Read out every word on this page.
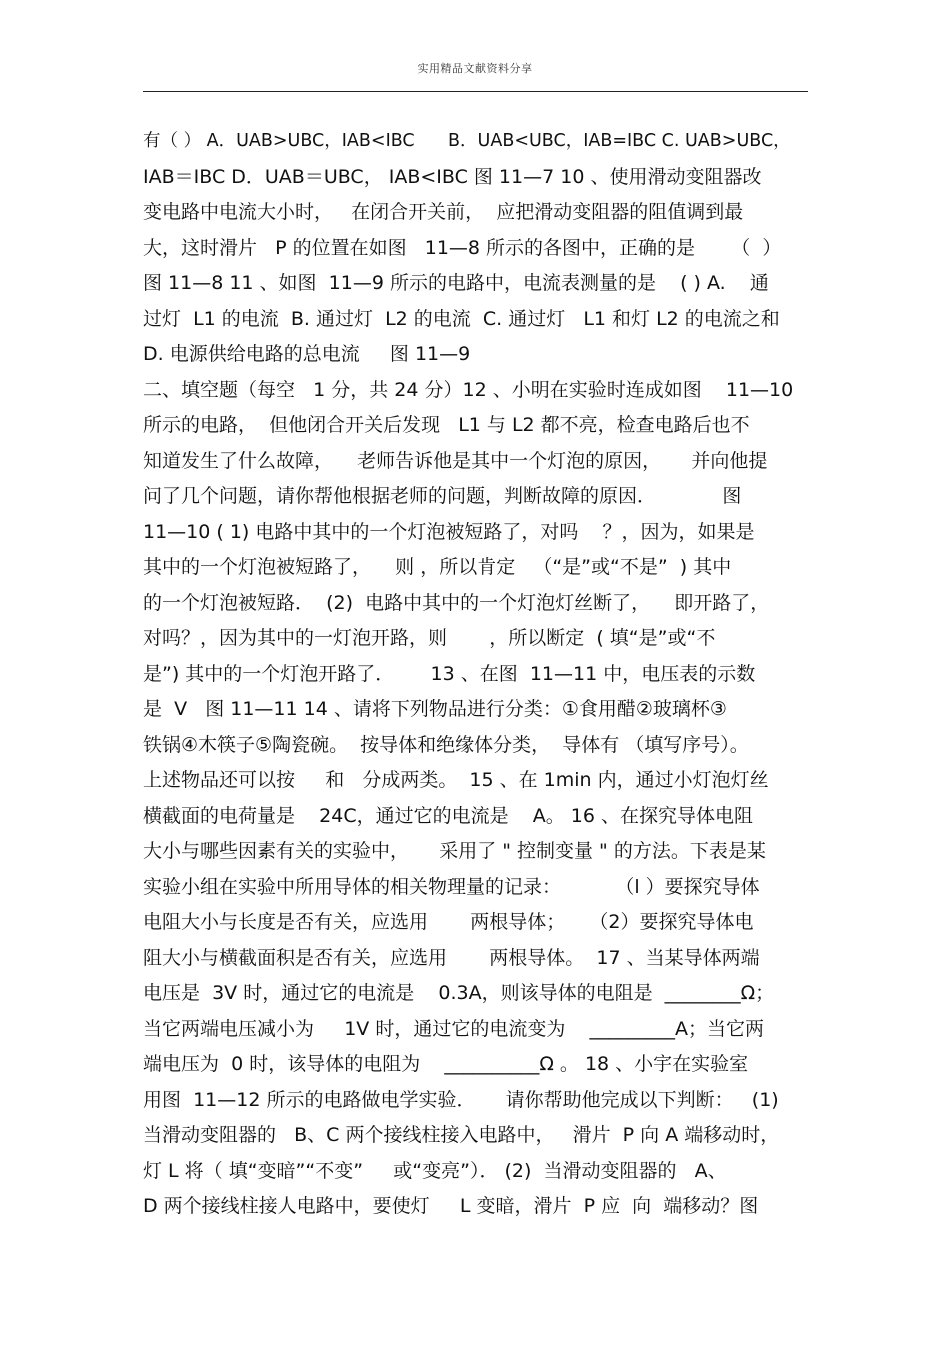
实用精品文献资料分享
有（ ） A．UAB>UBC，IAB<IBC      B．UAB<UBC，IAB=IBC C. UAB>UBC，
IAB＝IBC D．UAB＝UBC， IAB<IBC 图 11—7 10 、使用滑动变阻器改
变电路中电流大小时，   在闭合开关前，  应把滑动变阻器的阻值调到最
大，这时滑片   P 的位置在如图   11—8 所示的各图中，正确的是      （  ）
图 11—8 11 、如图  11—9 所示的电路中，电流表测量的是    ( ) A.    通
过灯  L1 的电流  B. 通过灯  L2 的电流  C. 通过灯   L1 和灯 L2 的电流之和
D. 电源供给电路的总电流     图 11—9
二、填空题（每空   1 分，共 24 分）12 、小明在实验时连成如图    11—10
所示的电路，  但他闭合开关后发现   L1 与 L2 都不亮，检查电路后也不
知道发生了什么故障，    老师告诉他是其中一个灯泡的原因，     并向他提
问了几个问题，请你帮他根据老师的问题，判断故障的原因．           图
11—10 ( 1) 电路中其中的一个灯泡被短路了，对吗    ？，因为，如果是
其中的一个灯泡被短路了，    则 ，所以肯定   （“是”或“不是”  ) 其中
的一个灯泡被短路．  (2)  电路中其中的一个灯泡灯丝断了，    即开路了，
对吗？，因为其中的一灯泡开路，则       ，所以断定  ( 填“是”或“不
是”) 其中的一个灯泡开路了．      13 、在图  11—11 中，电压表的示数
是  V   图 11—11 14 、请将下列物品进行分类：①食用醋②玻璃杯③
铁锅④木筷子⑤陶瓷碗。  按导体和绝缘体分类，  导体有 （填写序号）。
上述物品还可以按     和   分成两类。  15 、在 1min 内，通过小灯泡灯丝
横截面的电荷量是    24C，通过它的电流是    A。 16 、在探究导体电阻
大小与哪些因素有关的实验中，     采用了 " 控制变量 " 的方法。下表是某
实验小组在实验中所用导体的相关物理量的记录：         （l ）要探究导体
电阻大小与长度是否有关，应选用       两根导体；    （2）要探究导体电
阻大小与横截面积是否有关，应选用       两根导体。  17 、当某导体两端
电压是  3V 时，通过它的电流是    0.3A，则该导体的电阻是  ________Ω；
当它两端电压减小为     1V 时，通过它的电流变为    _________A；当它两
端电压为  0 时，该导体的电阻为    __________Ω 。 18 、小宇在实验室
用图  11—12 所示的电路做电学实验．     请你帮助他完成以下判断：   (1)
当滑动变阻器的   B、C 两个接线柱接入电路中，   滑片  P 向 A 端移动时，
灯 L 将（ 填“变暗”“不变”     或“变亮”）． (2)  当滑动变阻器的   A、
D 两个接线柱接人电路中，要使灯     L 变暗，滑片  P 应  向  端移动？图
